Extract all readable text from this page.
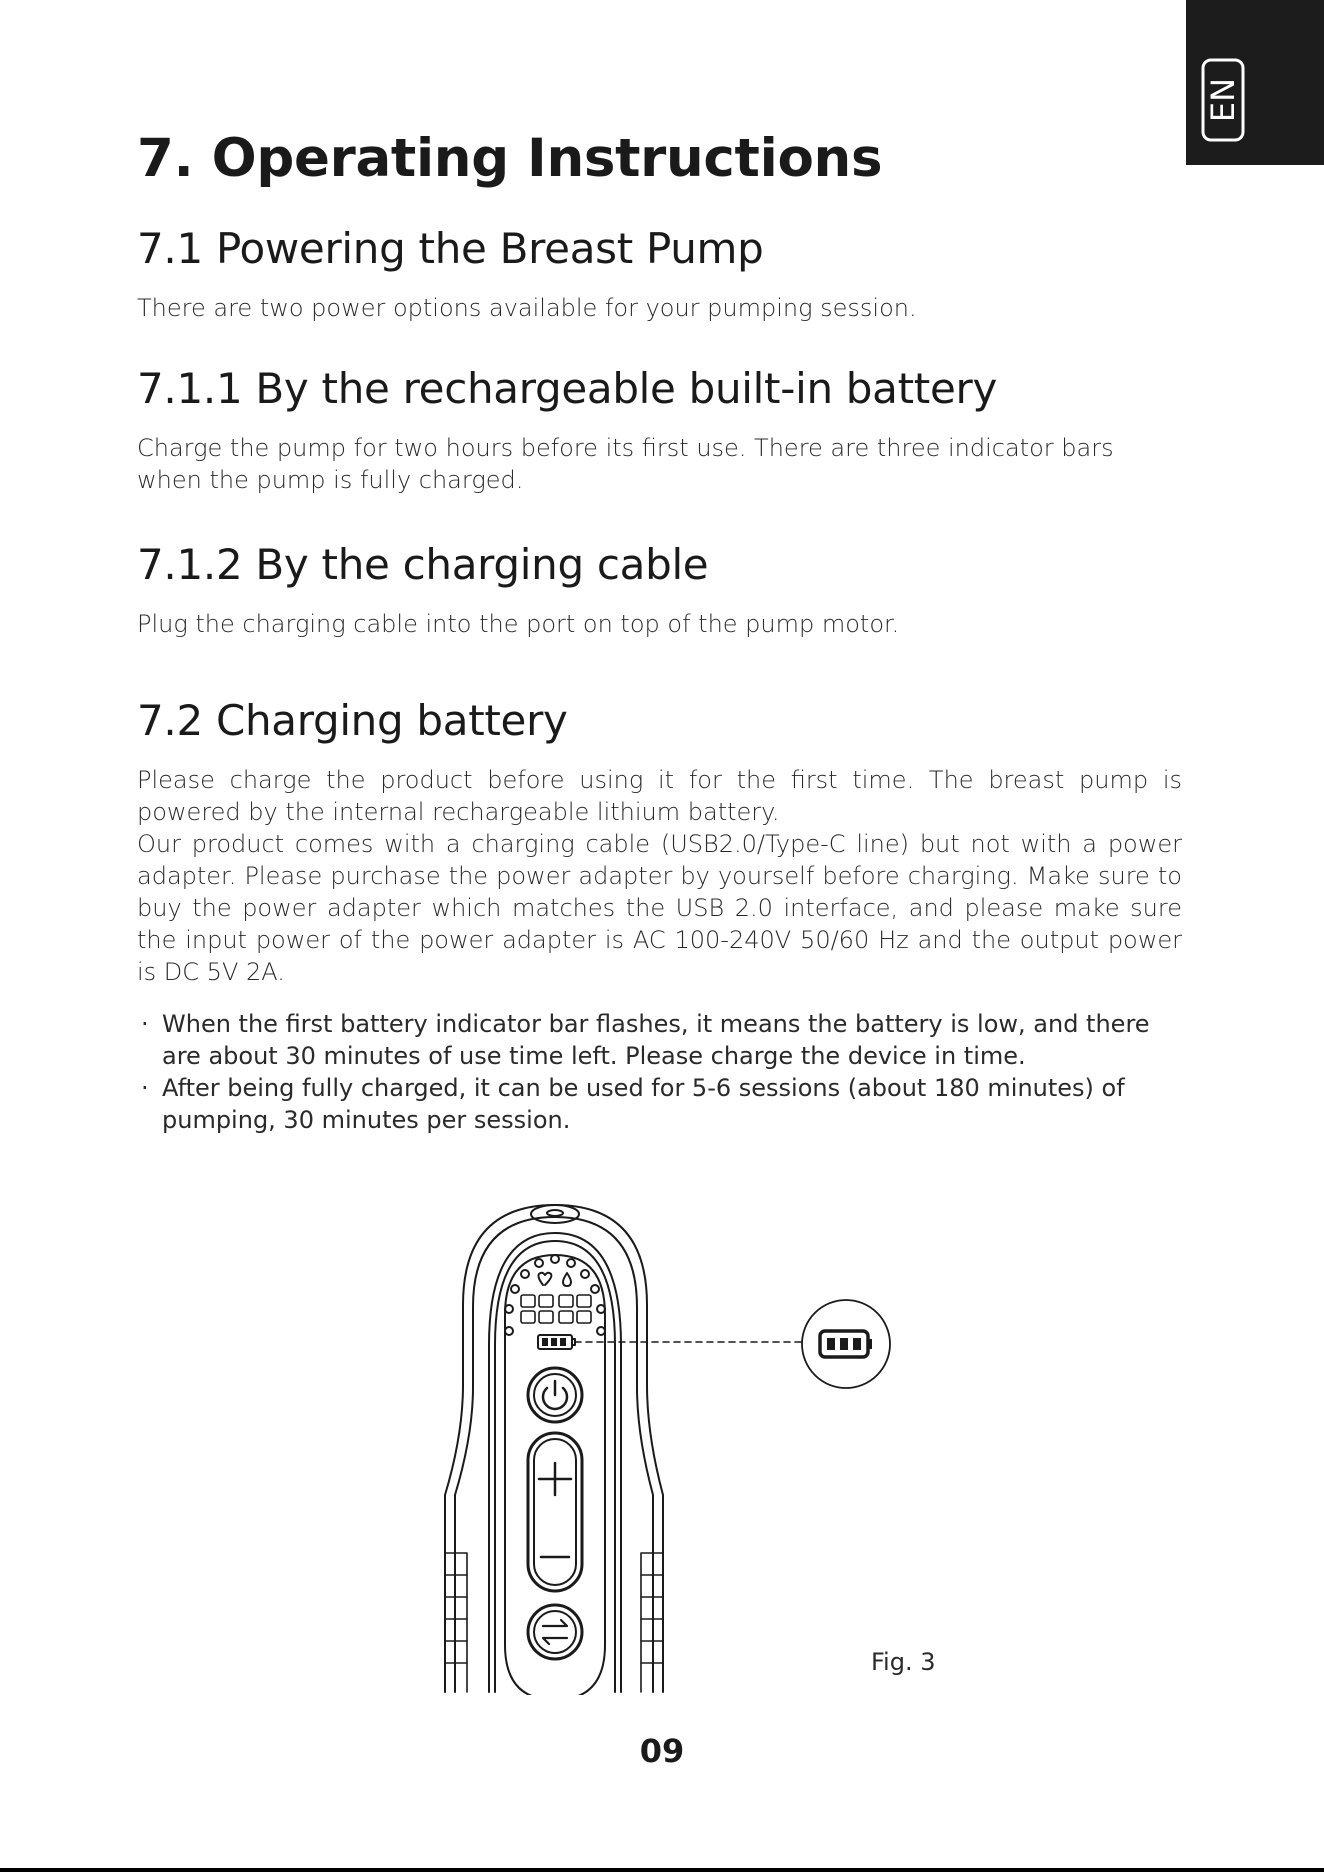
EN
7. Operating Instructions
7.1 Powering the Breast Pump

There are two power options available for your pumping session.

7.1.1 By the rechargeable built-in battery

Charge the pump for two hours before its first use. There are three indicator bars when the pump is fully charged.

7.1.2 By the charging cable

Plug the charging cable into the port on top of the pump motor.

7.2 Charging battery

Please charge the product before using it for the first time. The breast pump is powered by the internal rechargeable lithium battery.

Our product comes with a charging cable (USB2.0/Type-C line) but not with a power adapter. Please purchase the power adapter by yourself before charging. Make sure to buy the power adapter which matches the USB 2.0 interface, and please make sure the input power of the power adapter is AC 100-240V 50/60 Hz and the output power is DC 5V 2A.

· When the first battery indicator bar flashes, it means the battery is low, and there are about 30 minutes of use time left. Please charge the device in time.
· After being fully charged, it can be used for 5-6 sessions (about 180 minutes) of pumping, 30 minutes per session.
Fig. 3
09
